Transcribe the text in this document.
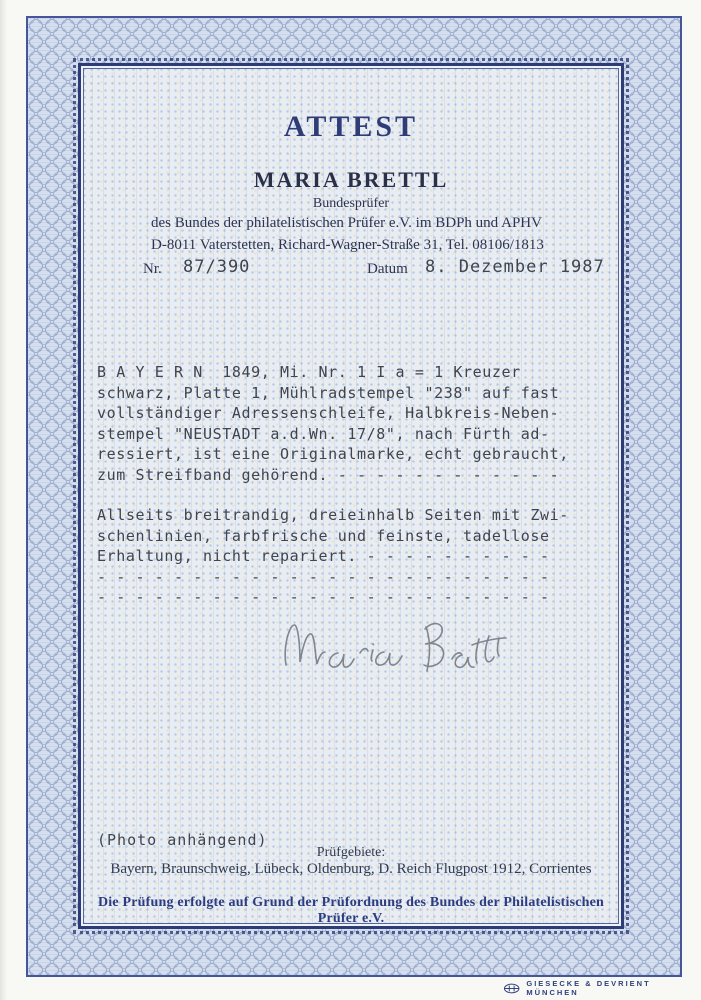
ATTEST
MARIA BRETTL
Bundesprüfer
des Bundes der philatelistischen Prüfer e.V. im BDPh und APHV
D-8011 Vaterstetten, Richard-Wagner-Straße 31, Tel. 08106/1813
Nr. 87/390	Datum 8. Dezember 1987
B A Y E R N  1849, Mi. Nr. 1 I a = 1 Kreuzer
schwarz, Platte 1, Mühlradstempel "238" auf fast
vollständiger Adressenschleife, Halbkreis-Neben-
stempel "NEUSTADT a.d.Wn. 17/8", nach Fürth ad-
ressiert, ist eine Originalmarke, echt gebraucht,
zum Streifband gehörend. - - - - - - - - - - - -
Allseits breitrandig, dreieinhalb Seiten mit Zwi-
schenlinien, farbfrische und feinste, tadellose
Erhaltung, nicht repariert. - - - - - - - - - -
- - - - - - - - - - - - - - - - - - - - - - - -
- - - - - - - - - - - - - - - - - - - - - - - -
(Photo anhängend)
Prüfgebiete:
Bayern, Braunschweig, Lübeck, Oldenburg, D. Reich Flugpost 1912, Corrientes
Die Prüfung erfolgte auf Grund der Prüfordnung des Bundes der Philatelistischen Prüfer e.V.
GIESECKE & DEVRIENT MÜNCHEN
